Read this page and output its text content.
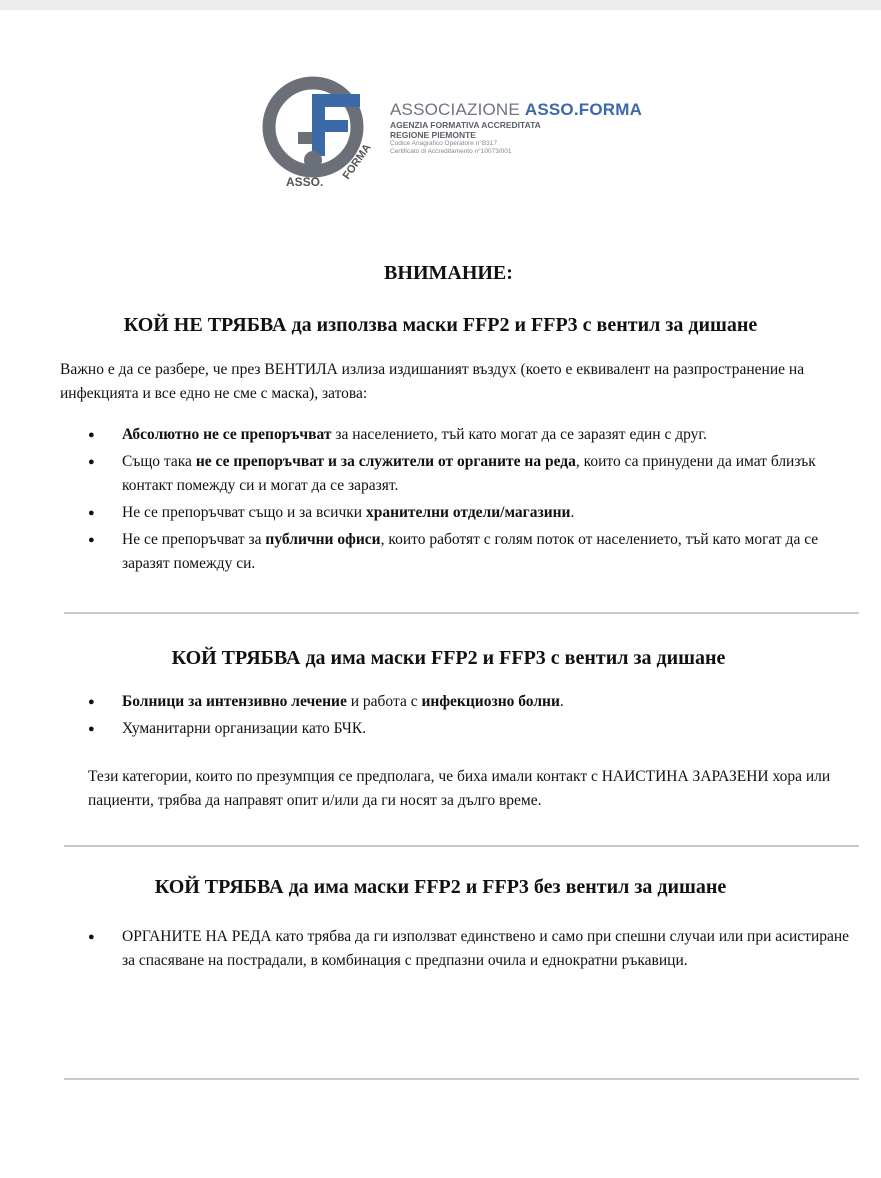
ASSO.
FORMA
ASSOCIAZIONE ASSO.FORMA
AGENZIA FORMATIVA ACCREDITATA
REGIONE PIEMONTE
Codice Anagrafico Operatore n°B317
Certificato di Accreditamento n°10073/001
ВНИМАНИЕ:
КОЙ НЕ ТРЯБВА да използва маски FFP2 и FFP3 с вентил за дишане

Важно е да се разбере, че през ВЕНТИЛА излиза издишаният въздух (което е еквивалент на разпространение на инфекцията и все едно не сме с маска), затова:

● Абсолютно не се препоръчват за населението, тъй като могат да се заразят един с друг.
● Също така не се препоръчват и за служители от органите на реда, които са принудени да имат близък контакт помежду си и могат да се заразят.
● Не се препоръчват също и за всички хранителни отдели/магазини.
● Не се препоръчват за публични офиси, които работят с голям поток от населението, тъй като могат да се заразят помежду си.
КОЙ ТРЯБВА да има маски FFP2 и FFP3 с вентил за дишане
● Болници за интензивно лечение и работа с инфекциозно болни.
● Хуманитарни организации като БЧК.

Тези категории, които по презумпция се предполага, че биха имали контакт с НАИСТИНА ЗАРАЗЕНИ хора или пациенти, трябва да направят опит и/или да ги носят за дълго време.

КОЙ ТРЯБВА да има маски FFP2 и FFP3 без вентил за дишане
● ОРГАНИТЕ НА РЕДА като трябва да ги използват единствено и само при спешни случаи или при асистиране за спасяване на пострадали, в комбинация с предпазни очила и еднократни ръкавици.
